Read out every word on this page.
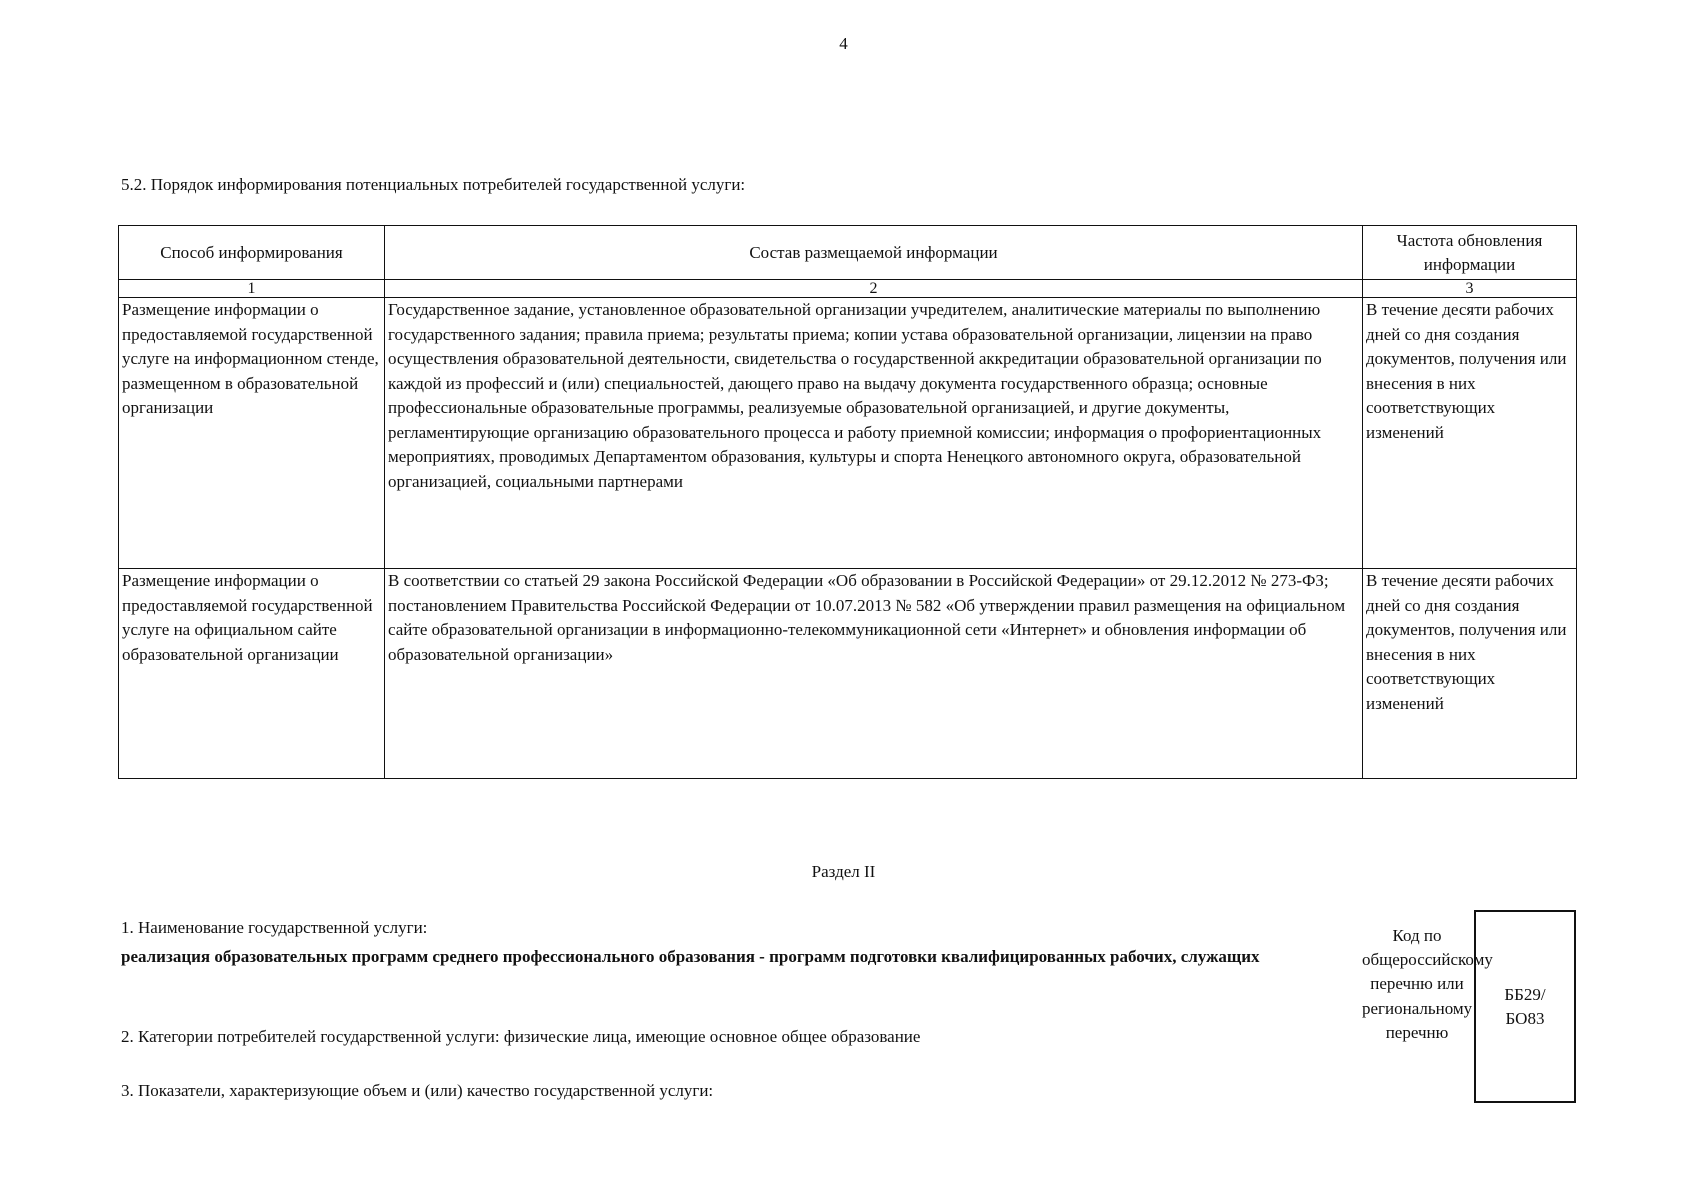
4
5.2. Порядок информирования потенциальных потребителей государственной услуги:
Способ информирования	Состав размещаемой информации	Частота обновления информации
1	2	3
Размещение информации о предоставляемой государственной услуге на информационном стенде, размещенном в образовательной организации	Государственное задание, установленное образовательной организации учредителем, аналитические материалы по выполнению государственного задания; правила приема; результаты приема; копии устава образовательной организации, лицензии на право осуществления образовательной деятельности, свидетельства о государственной аккредитации образовательной организации по каждой из профессий и (или) специальностей, дающего право на выдачу документа государственного образца; основные профессиональные образовательные программы, реализуемые образовательной организацией, и другие документы, регламентирующие организацию образовательного процесса и работу приемной комиссии; информация о профориентационных мероприятиях, проводимых Департаментом образования, культуры и спорта Ненецкого автономного округа, образовательной организацией, социальными партнерами	В течение десяти рабочих дней со дня создания документов, получения или внесения в них соответствующих изменений
Размещение информации о предоставляемой государственной услуге на официальном сайте образовательной организации	В соответствии со статьей 29 закона Российской Федерации «Об образовании в Российской Федерации» от 29.12.2012 № 273-ФЗ; постановлением Правительства Российской Федерации от 10.07.2013 № 582 «Об утверждении правил размещения на официальном сайте образовательной организации в информационно-телекоммуникационной сети «Интернет» и обновления информации об образовательной организации»	В течение десяти рабочих дней со дня создания документов, получения или внесения в них соответствующих изменений
Раздел II
1. Наименование государственной услуги:
реализация образовательных программ среднего профессионального образования - программ подготовки квалифицированных рабочих, служащих
2. Категории потребителей государственной услуги: физические лица, имеющие основное общее образование
3. Показатели, характеризующие объем и (или) качество государственной услуги:
Код по общероссийскому перечню или региональному перечню
ББ29/ БО83
